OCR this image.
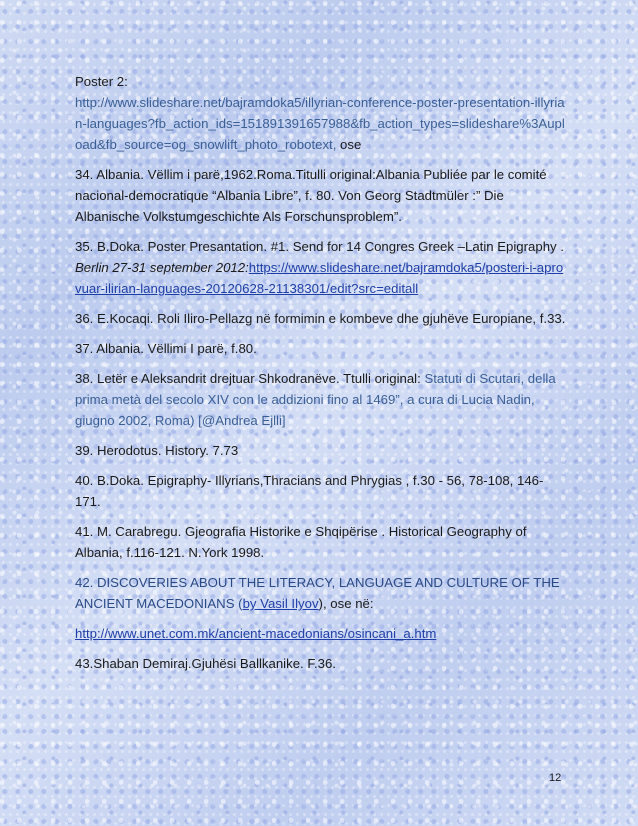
Poster 2:
http://www.slideshare.net/bajramdoka5/illyrian-conference-poster-presentation-illyrian-languages?fb_action_ids=151891391657988&fb_action_types=slideshare%3Aupload&fb_source=og_snowlift_photo_robotext, ose

34. Albania. Vëllim i parë,1962.Roma.Titulli original:Albania Publiée par le comité nacional-democratique “Albania Libre”, f. 80. Von Georg Stadtmüler :” Die Albanische Volkstumgeschichte Als Forschunsproblem”.

35. B.Doka. Poster Presantation. #1. Send for 14 Congres Greek –Latin Epigraphy . Berlin 27-31 september 2012:https://www.slideshare.net/bajramdoka5/posteri-i-aprovuar-ilirian-languages-20120628-21138301/edit?src=editall

36. E.Kocaqi. Roli Iliro-Pellazg në formimin e kombeve dhe gjuhëve Europiane, f.33.

37. Albania. Vëllimi I parë, f.80.

38. Letër e Aleksandrit drejtuar Shkodranëve. Ttulli original: Statuti di Scutari, della prima metà del secolo XIV con le addizioni fino al 1469”, a cura di Lucia Nadin, giugno 2002, Roma) [@Andrea Ejlli]

39. Herodotus. History. 7.73

40. B.Doka. Epigraphy- Illyrians,Thracians and Phrygias , f.30 - 56, 78-108, 146-171.

41. M. Carabregu. Gjeografia Historike e Shqipërise . Historical Geography of Albania, f.116-121. N.York 1998.

42. DISCOVERIES ABOUT THE LITERACY, LANGUAGE AND CULTURE OF THE ANCIENT MACEDONIANS (by Vasil Ilyov), ose në:

http://www.unet.com.mk/ancient-macedonians/osincani_a.htm

43.Shaban Demiraj.Gjuhësi Ballkanike. F.36.

12
